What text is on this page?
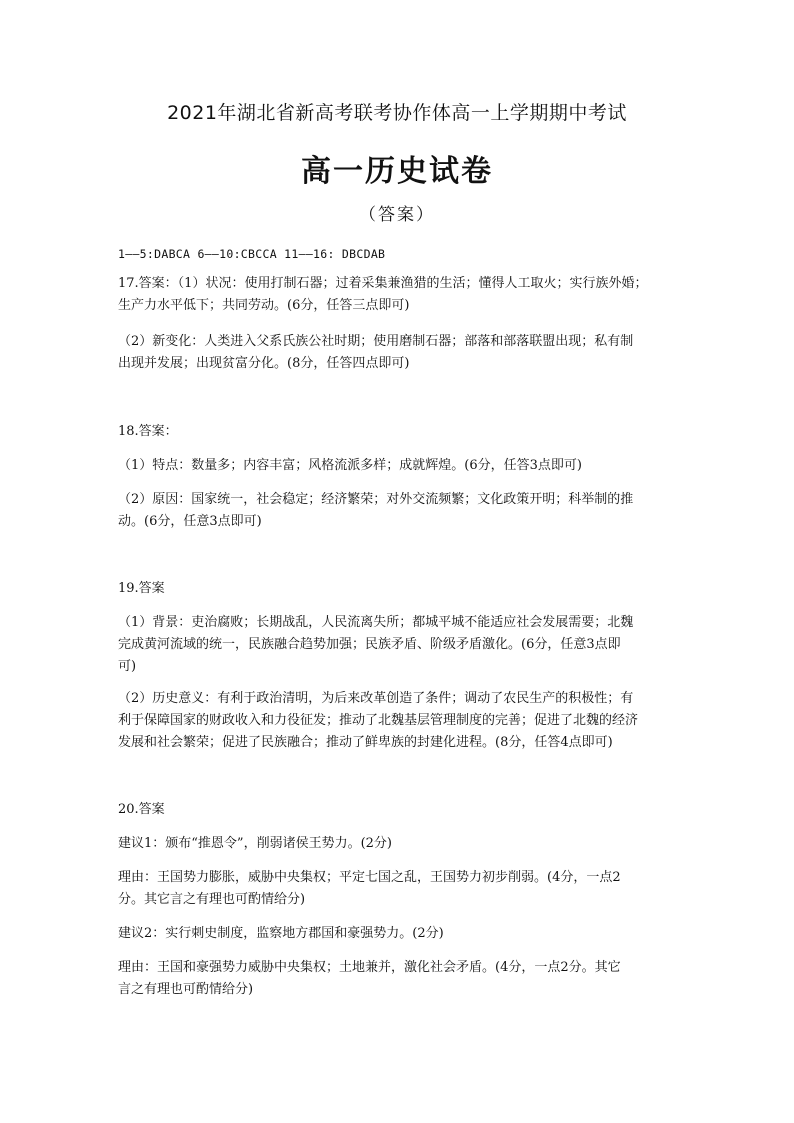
2021年湖北省新高考联考协作体高一上学期期中考试
高一历史试卷
（答案）
1——5:DABCA 6——10:CBCCA 11——16: DBCDAB
17.答案：（1）状况：使用打制石器；过着采集兼渔猎的生活；懂得人工取火；实行族外婚；
生产力水平低下；共同劳动。(6分，任答三点即可)
（2）新变化：人类进入父系氏族公社时期；使用磨制石器；部落和部落联盟出现；私有制
出现并发展；出现贫富分化。(8分，任答四点即可)
18.答案：
（1）特点：数量多；内容丰富；风格流派多样；成就辉煌。(6分，任答3点即可)
（2）原因：国家统一，社会稳定；经济繁荣；对外交流频繁；文化政策开明；科举制的推
动。(6分，任意3点即可)
19.答案
（1）背景：吏治腐败；长期战乱，人民流离失所；都城平城不能适应社会发展需要；北魏
完成黄河流域的统一，民族融合趋势加强；民族矛盾、阶级矛盾激化。(6分，任意3点即
可)
（2）历史意义：有利于政治清明，为后来改革创造了条件；调动了农民生产的积极性；有
利于保障国家的财政收入和力役征发；推动了北魏基层管理制度的完善；促进了北魏的经济
发展和社会繁荣；促进了民族融合；推动了鲜卑族的封建化进程。(8分，任答4点即可)
20.答案
建议1：颁布“推恩令”，削弱诸侯王势力。(2分)
理由：王国势力膨胀，威胁中央集权；平定七国之乱，王国势力初步削弱。(4分，一点2
分。其它言之有理也可酌情给分)
建议2：实行刺史制度，监察地方郡国和豪强势力。(2分)
理由：王国和豪强势力威胁中央集权；土地兼并，激化社会矛盾。(4分，一点2分。其它
言之有理也可酌情给分)
